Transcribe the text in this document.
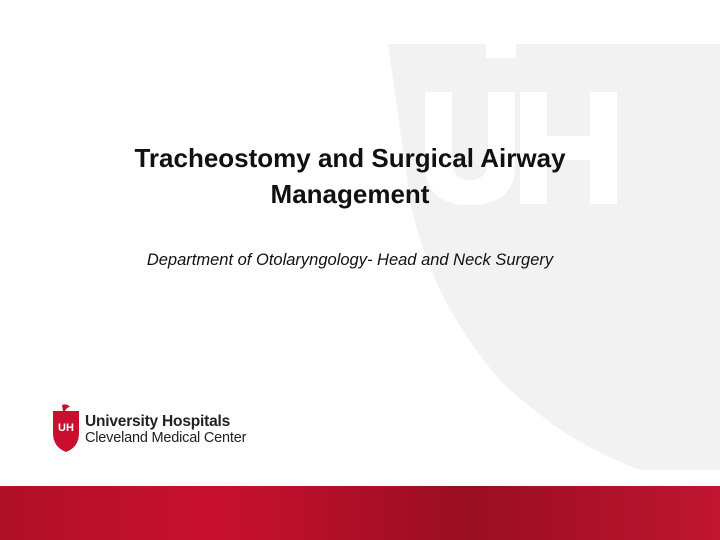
Tracheostomy and Surgical Airway
Management
Department of Otolaryngology- Head and Neck Surgery
UH University Hospitals
Cleveland Medical Center
